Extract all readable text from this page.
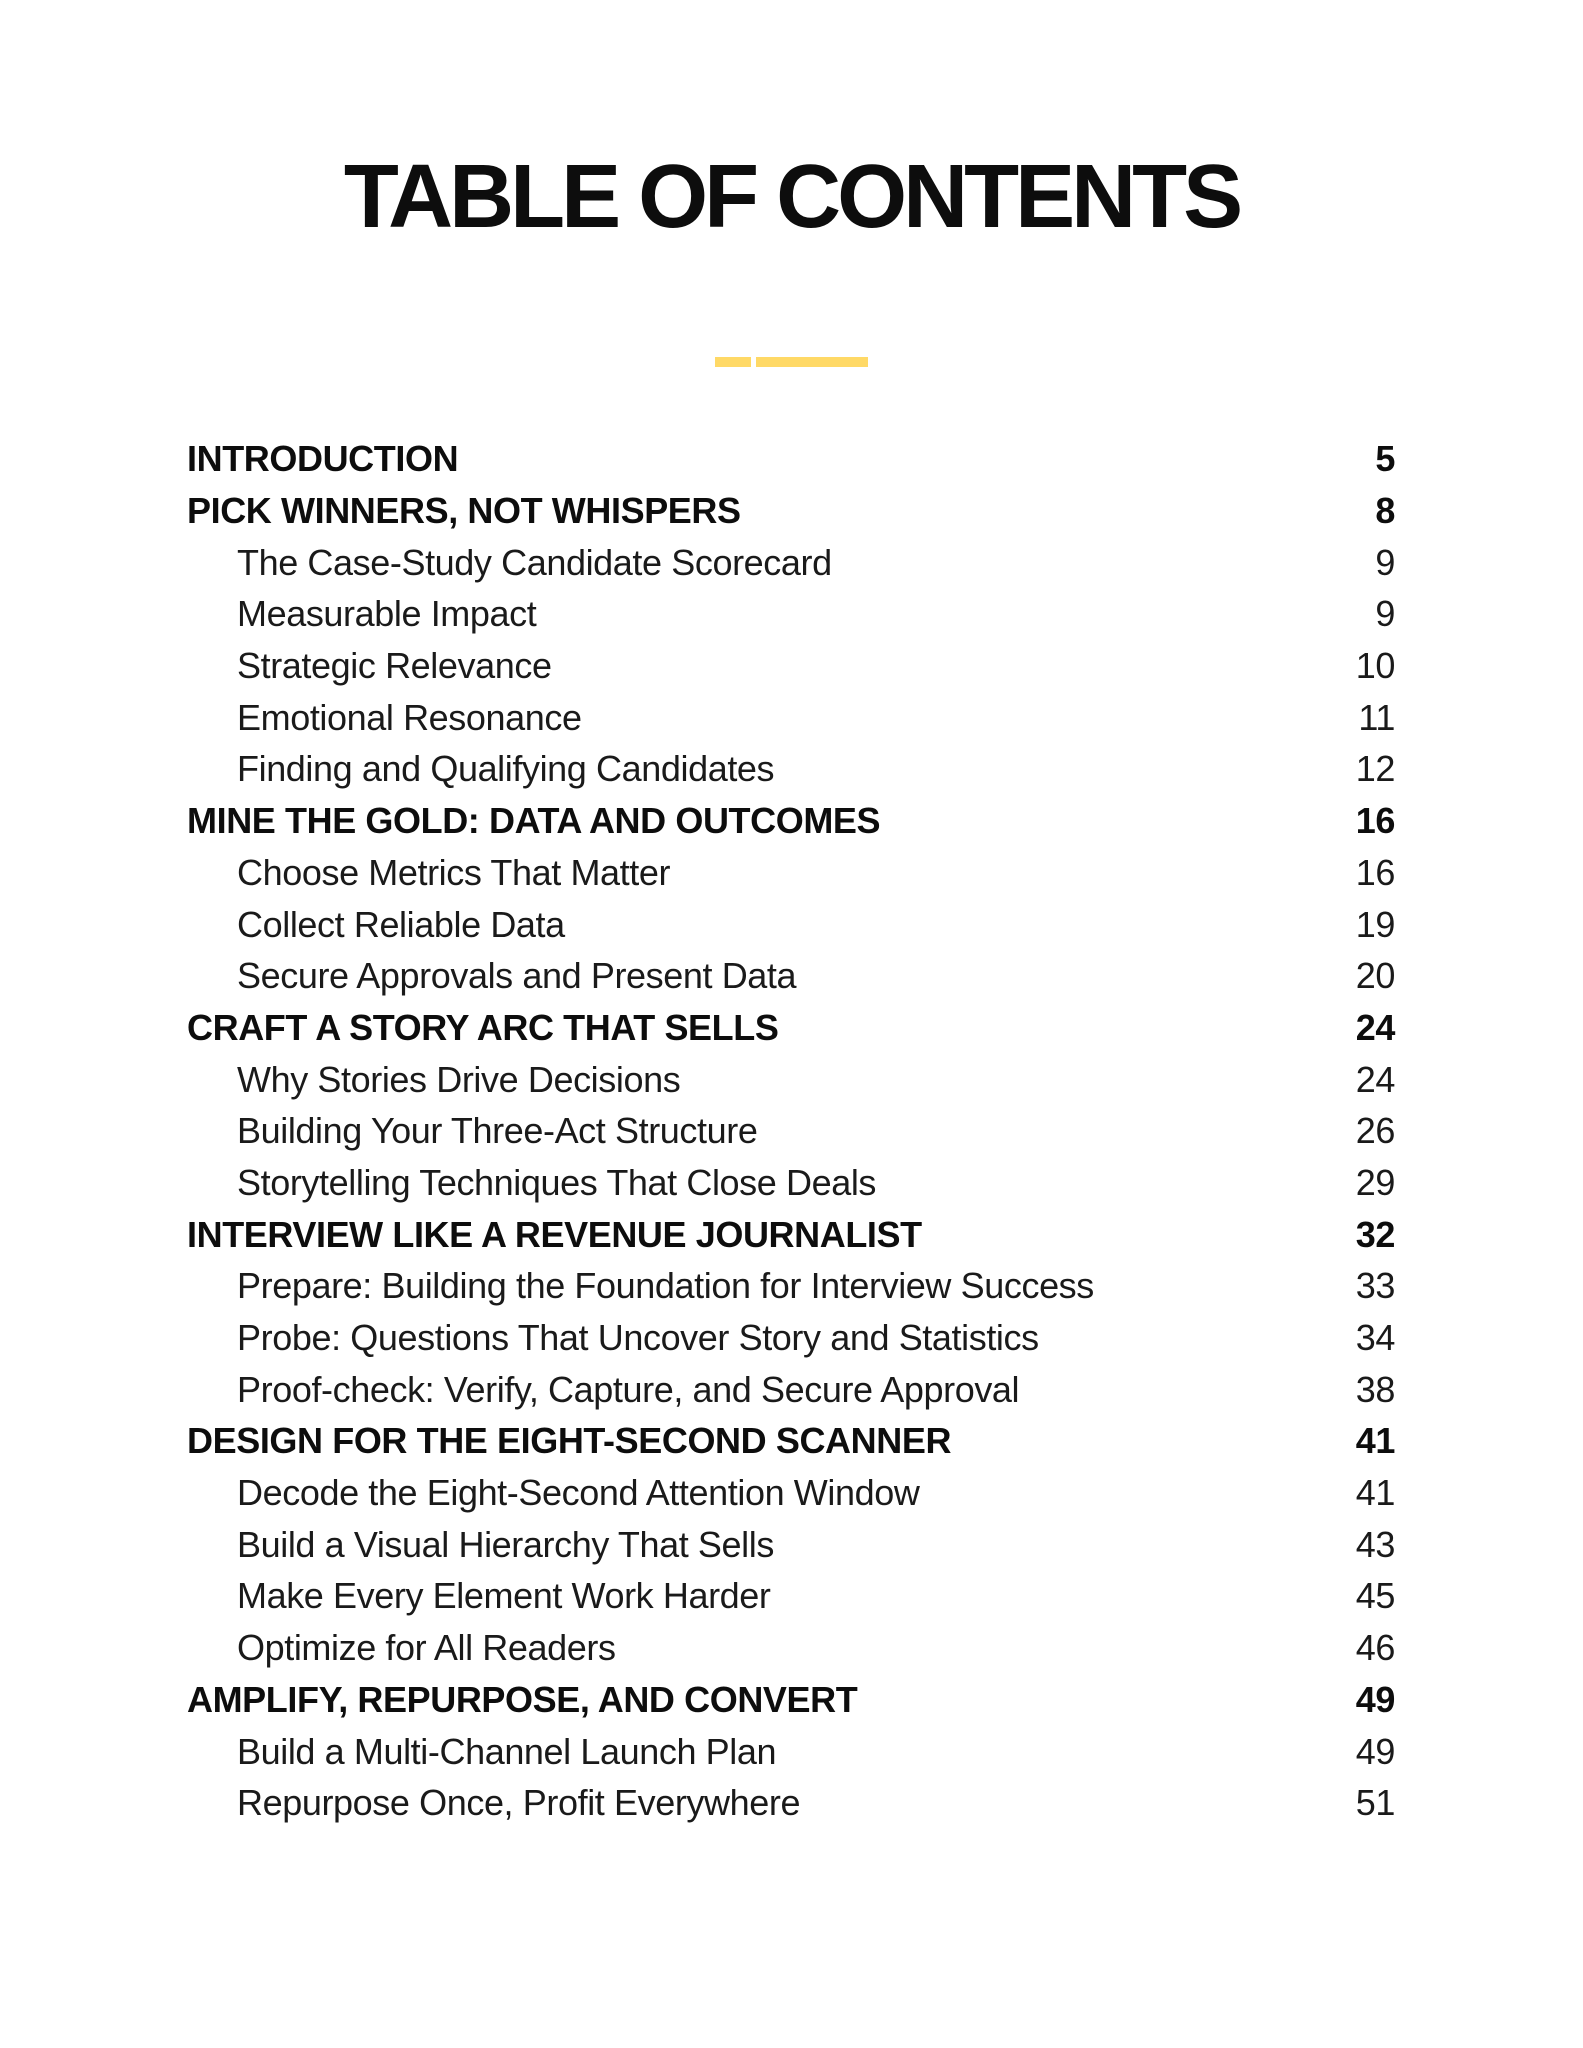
TABLE OF CONTENTS
INTRODUCTION	5
PICK WINNERS, NOT WHISPERS	8
The Case-Study Candidate Scorecard	9
Measurable Impact	9
Strategic Relevance	10
Emotional Resonance	11
Finding and Qualifying Candidates	12
MINE THE GOLD: DATA AND OUTCOMES	16
Choose Metrics That Matter	16
Collect Reliable Data	19
Secure Approvals and Present Data	20
CRAFT A STORY ARC THAT SELLS	24
Why Stories Drive Decisions	24
Building Your Three-Act Structure	26
Storytelling Techniques That Close Deals	29
INTERVIEW LIKE A REVENUE JOURNALIST	32
Prepare: Building the Foundation for Interview Success	33
Probe: Questions That Uncover Story and Statistics	34
Proof-check: Verify, Capture, and Secure Approval	38
DESIGN FOR THE EIGHT-SECOND SCANNER	41
Decode the Eight-Second Attention Window	41
Build a Visual Hierarchy That Sells	43
Make Every Element Work Harder	45
Optimize for All Readers	46
AMPLIFY, REPURPOSE, AND CONVERT	49
Build a Multi-Channel Launch Plan	49
Repurpose Once, Profit Everywhere	51
